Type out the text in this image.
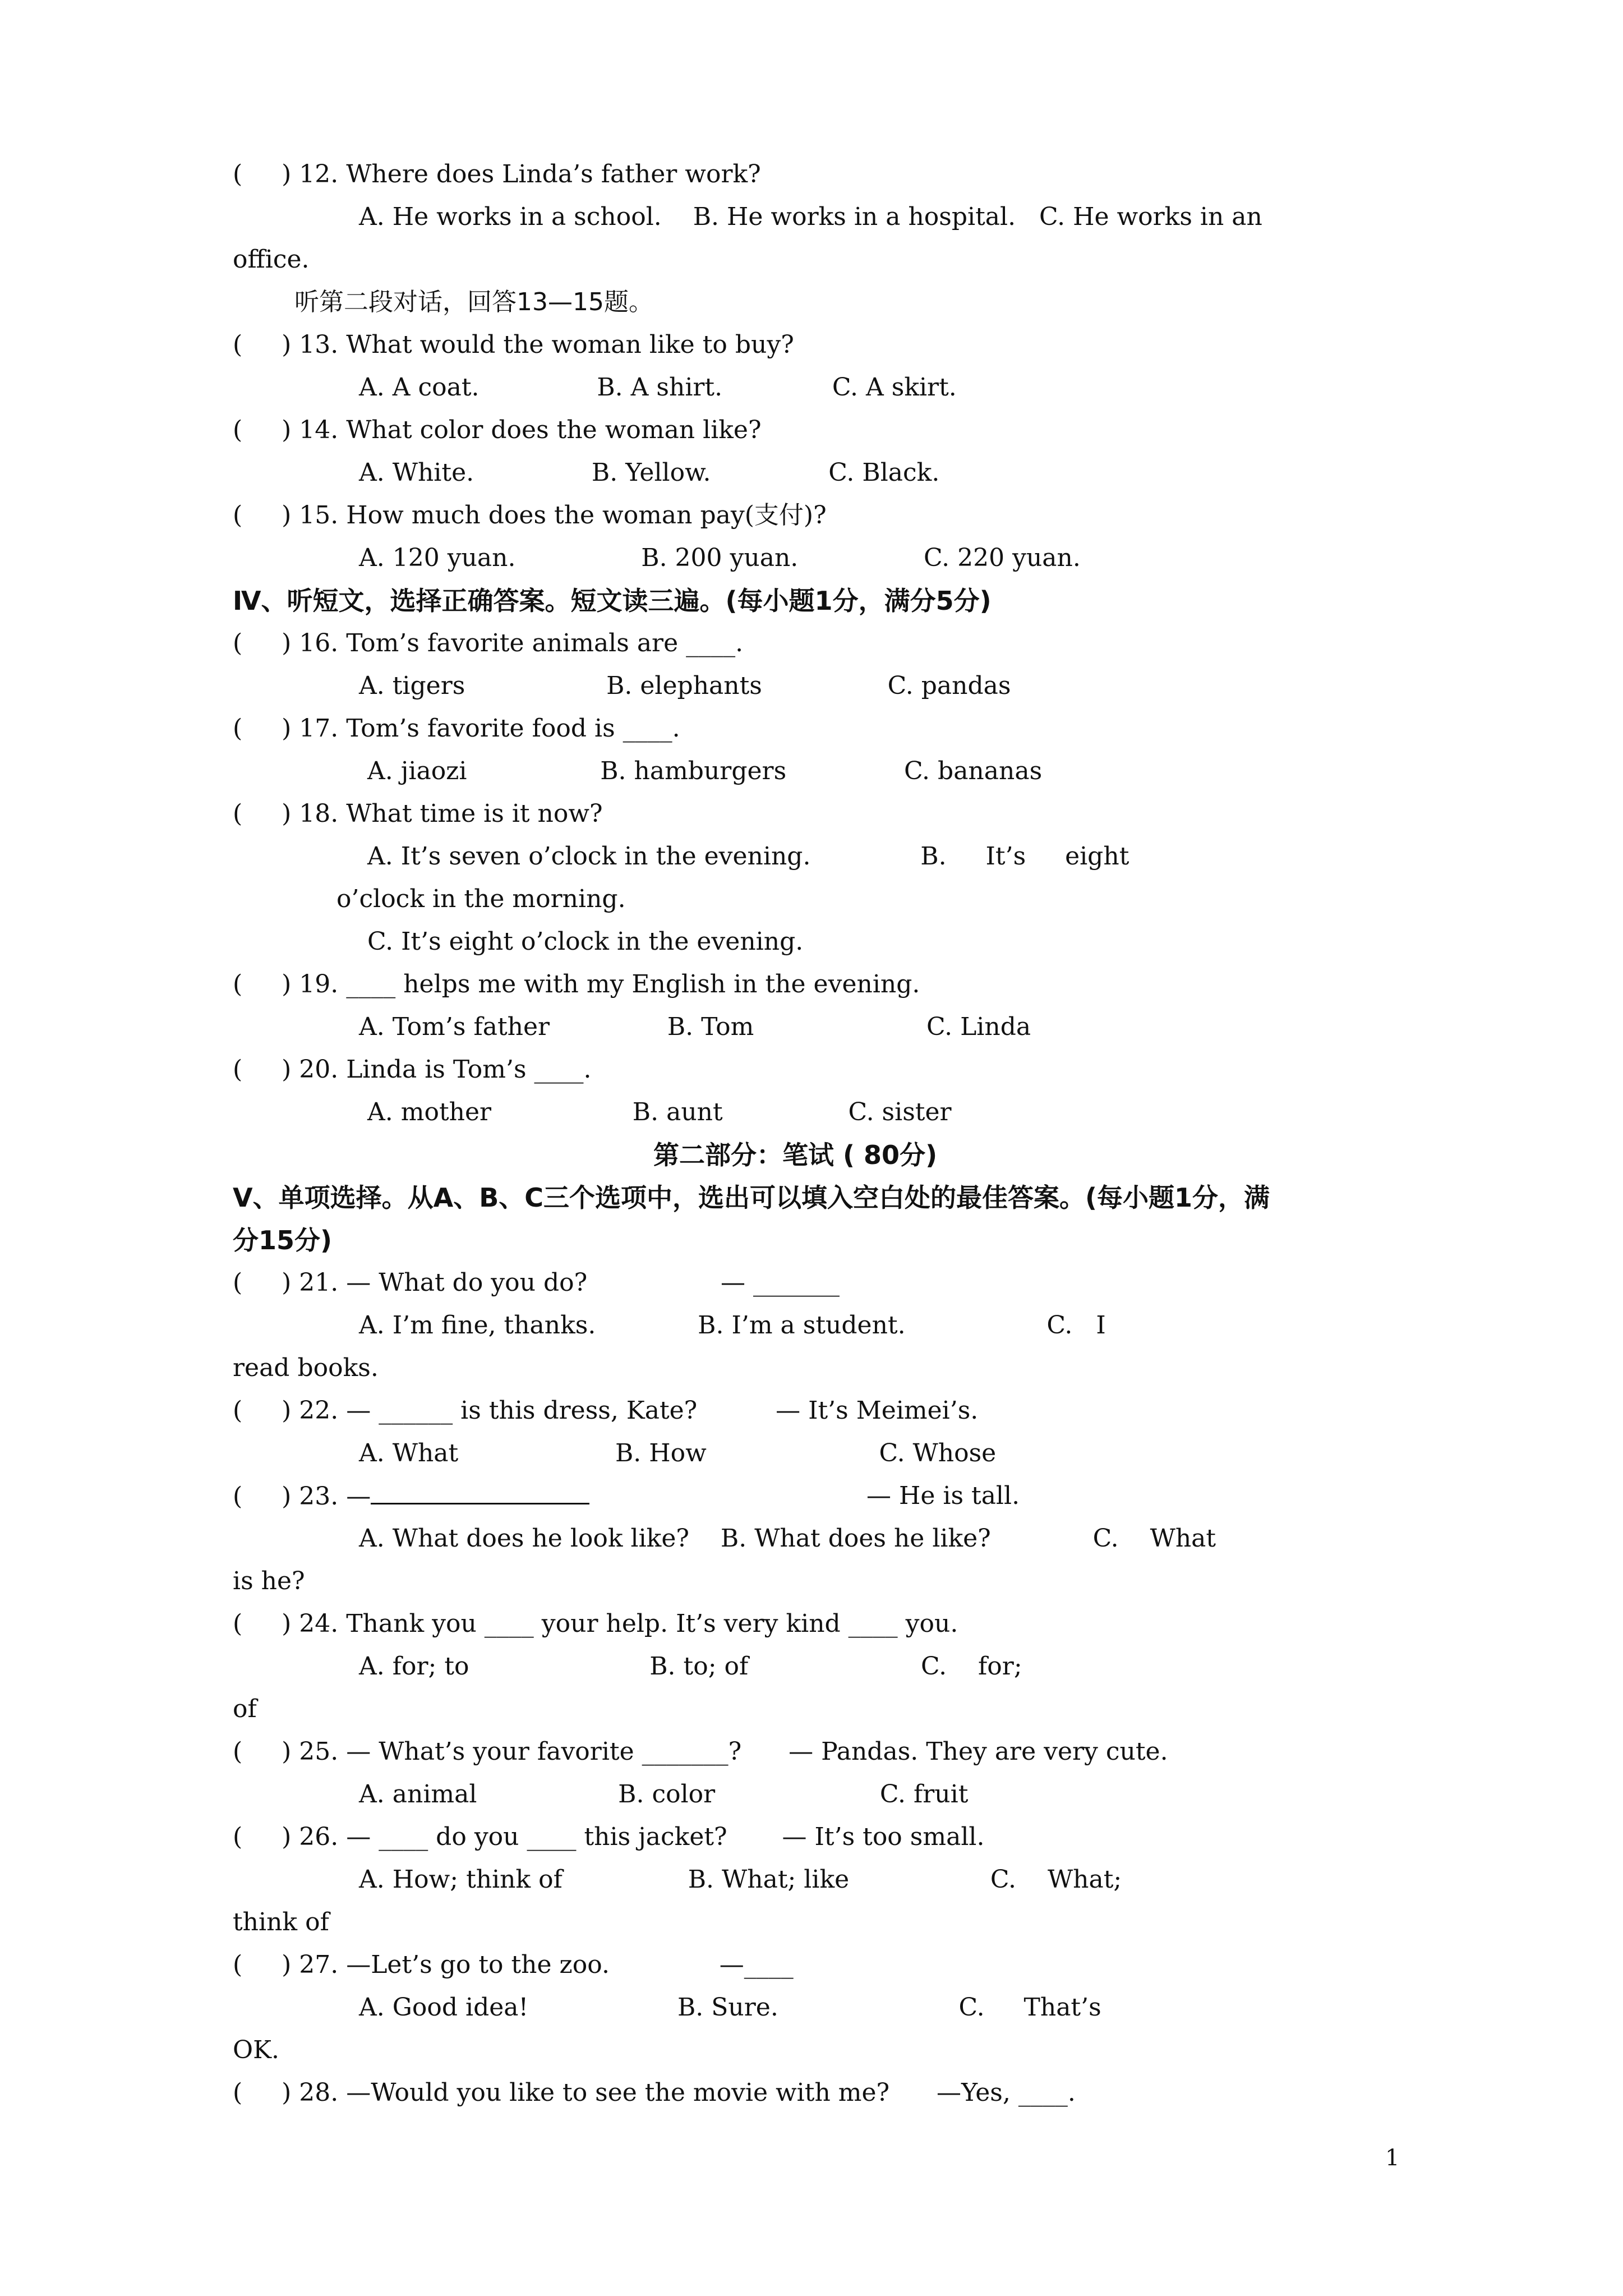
(     ) 12. Where does Linda’s father work?
A. He works in a school.    B. He works in a hospital.   C. He works in an
office.
听第二段对话，回答13—15题。
(     ) 13. What would the woman like to buy?
A. A coat.               B. A shirt.              C. A skirt.
(     ) 14. What color does the woman like?
A. White.               B. Yellow.               C. Black.
(     ) 15. How much does the woman pay(支付)?
A. 120 yuan.                B. 200 yuan.                C. 220 yuan.
Ⅳ、听短文，选择正确答案。短文读三遍。(每小题1分，满分5分)
(     ) 16. Tom’s favorite animals are ____.
A. tigers                  B. elephants                C. pandas
(     ) 17. Tom’s favorite food is ____.
A. jiaozi                 B. hamburgers               C. bananas
(     ) 18. What time is it now?
A. It’s seven o’clock in the evening.              B.     It’s     eight
o’clock in the morning.
C. It’s eight o’clock in the evening.
(     ) 19. ____ helps me with my English in the evening.
A. Tom’s father               B. Tom                      C. Linda
(     ) 20. Linda is Tom’s ____.
A. mother                  B. aunt                C. sister
第二部分：笔试 ( 80分)
Ⅴ、单项选择。从A、B、C三个选项中，选出可以填入空白处的最佳答案。(每小题1分，满
分15分)
(     ) 21. — What do you do?                 — _______
A. I’m fine, thanks.             B. I’m a student.                  C.   I
read books.
(     ) 22. — ______ is this dress, Kate?          — It’s Meimei’s.
A. What                    B. How                      C. Whose
(     ) 23. —	— He is tall.
A. What does he look like?    B. What does he like?             C.    What
is he?
(     ) 24. Thank you ____ your help. It’s very kind ____ you.
A. for; to                       B. to; of                      C.    for;
of
(     ) 25. — What’s your favorite _______?      — Pandas. They are very cute.
A. animal                  B. color                     C. fruit
(     ) 26. — ____ do you ____ this jacket?       — It’s too small.
A. How; think of                B. What; like                  C.    What;
think of
(     ) 27. —Let’s go to the zoo.              —____
A. Good idea!                   B. Sure.                       C.     That’s
OK.
(     ) 28. —Would you like to see the movie with me?      —Yes, ____.
1
